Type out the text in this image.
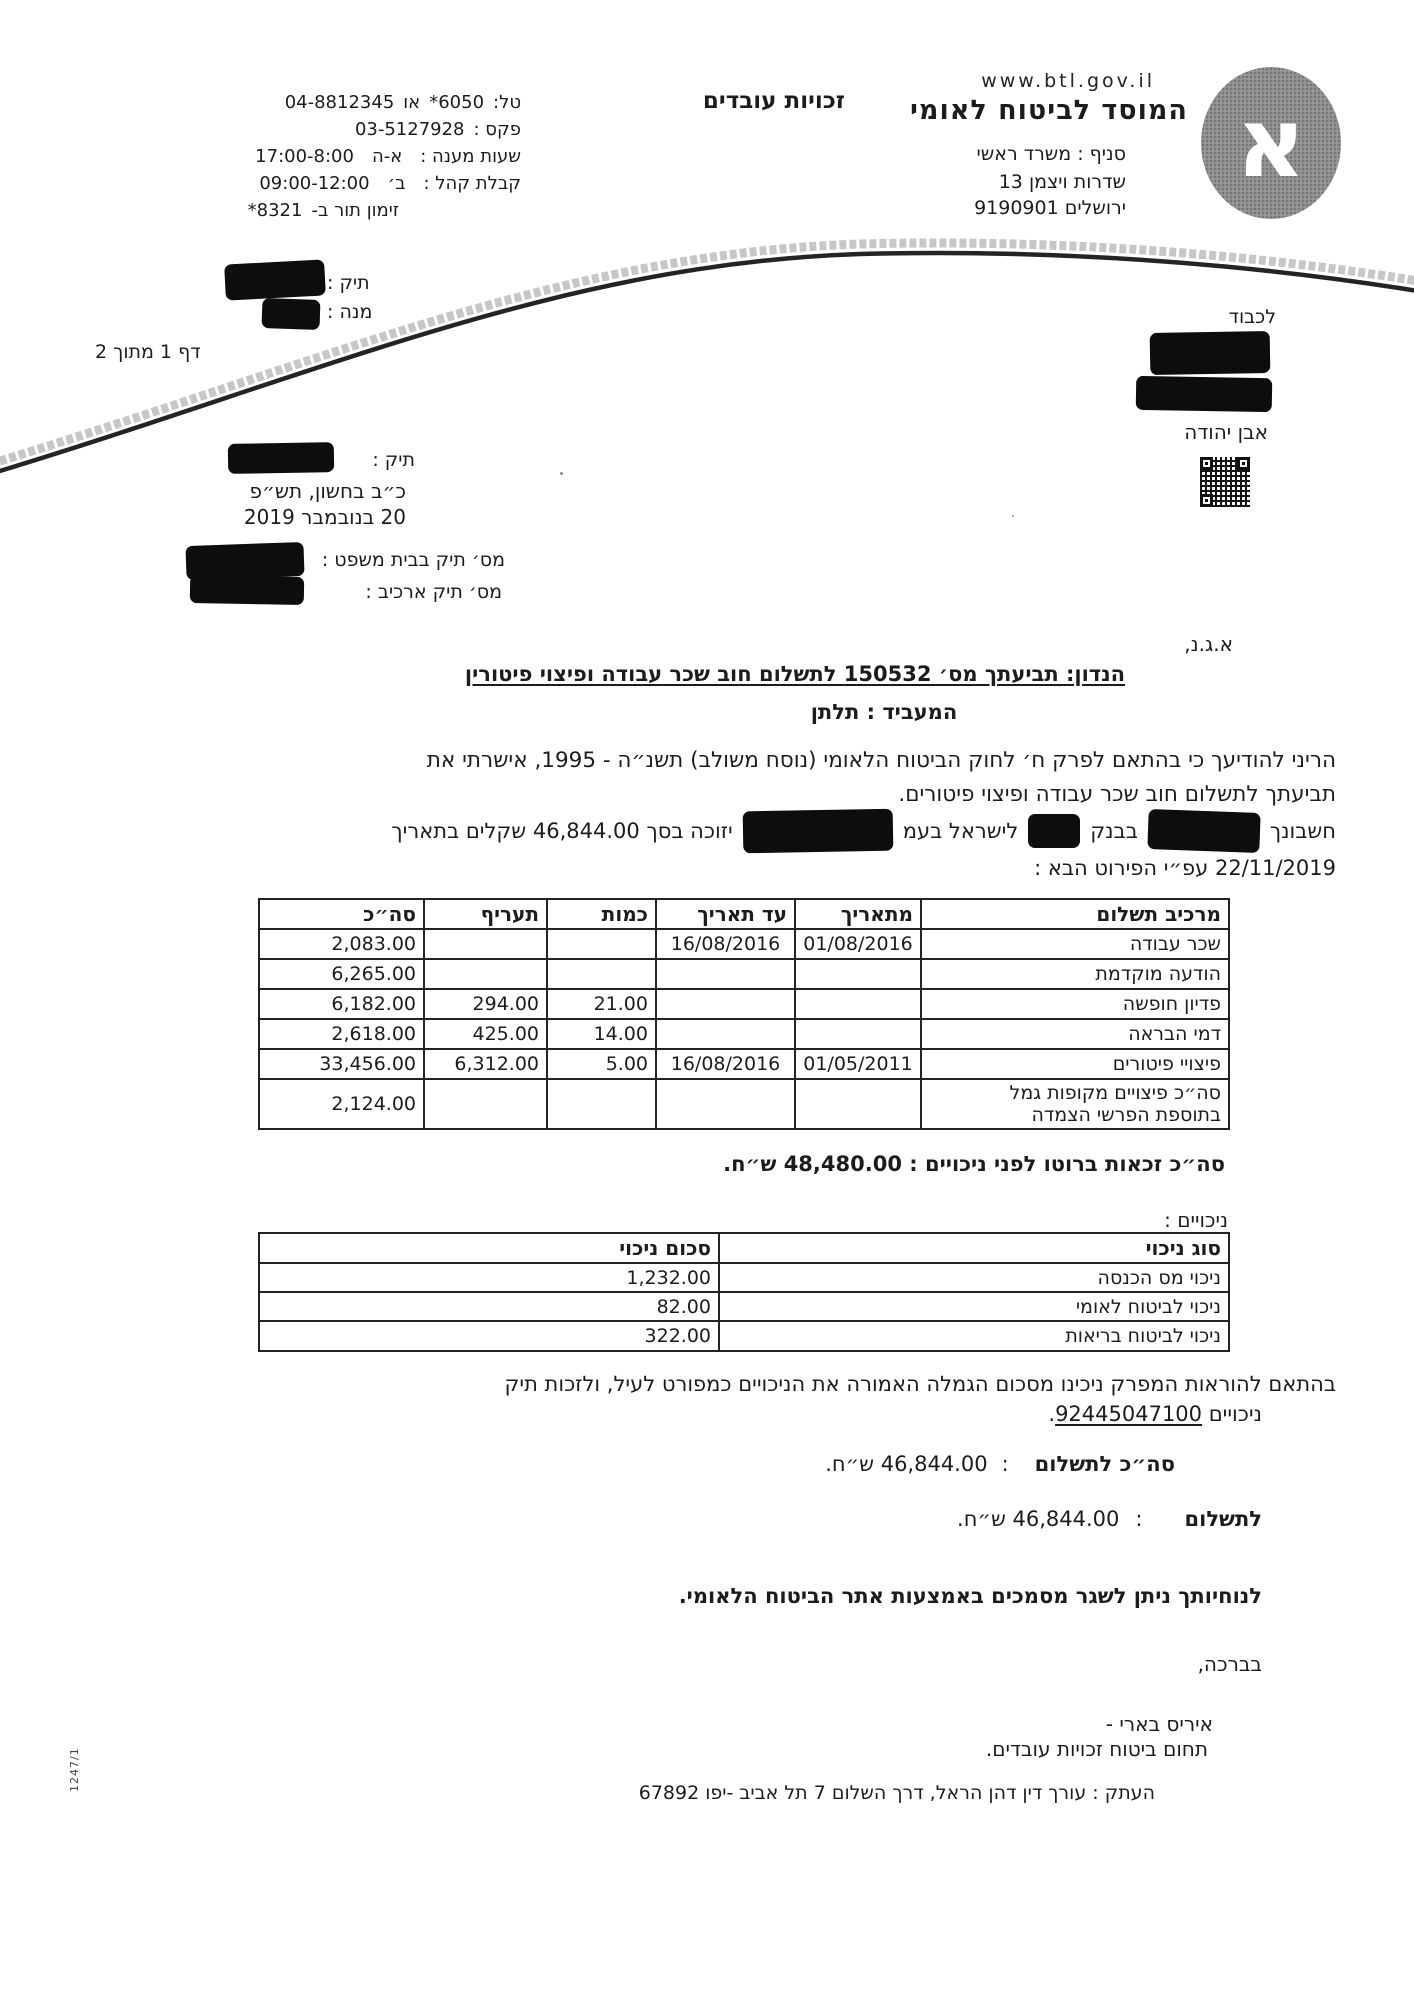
א
www.btl.gov.il
המוסד לביטוח לאומי
סניף : משרד ראשי
שדרות ויצמן 13
ירושלים 9190901
זכויות עובדים
טל:
*6050
או
04-8812345
פקס :
03-5127928
שעות מענה :
א-ה
17:00-8:00
קבלת קהל :
ב׳
09:00-12:00
זימון תור ב-
*8321
תיק :
מנה :
דף 1 מתוך 2
לכבוד
אבן יהודה
תיק :
כ״ב בחשון, תש״פ
20 בנובמבר 2019
מס׳ תיק בבית משפט :
מס׳ תיק ארכיב :
א.ג.נ,
הנדון: תביעתך מס׳ 150532 לתשלום חוב שכר עבודה ופיצוי פיטורין
המעביד : תלתן
הריני להודיעך כי בהתאם לפרק ח׳ לחוק הביטוח הלאומי (נוסח משולב) תשנ״ה - 1995, אישרתי את
תביעתך לתשלום חוב שכר עבודה ופיצוי פיטורים.
חשבונך
בבנק
לישראל בעמ
יזוכה בסך 46,844.00 שקלים בתאריך
22/11/2019 עפ״י הפירוט הבא :
מרכיב תשלום	מתאריך	עד תאריך	כמות	תעריף	סה״כ
שכר עבודה	01/08/2016	16/08/2016			2,083.00
הודעה מוקדמת					6,265.00
פדיון חופשה			21.00	294.00	6,182.00
דמי הבראה			14.00	425.00	2,618.00
פיצויי פיטורים	01/05/2011	16/08/2016	5.00	6,312.00	33,456.00

סה״כ פיצויים מקופות גמל
בתוספת הפרשי הצמדה					2,124.00
סה״כ זכאות ברוטו לפני ניכויים : 48,480.00 ש״ח.
ניכויים :
סוג ניכוי	סכום ניכוי
ניכוי מס הכנסה	1,232.00
ניכוי לביטוח לאומי	82.00
ניכוי לביטוח בריאות	322.00
בהתאם להוראות המפרק ניכינו מסכום הגמלה האמורה את הניכויים כמפורט לעיל, ולזכות תיק
ניכויים 92445047100.
סה״כ לתשלום
:
46,844.00 ש״ח.
לתשלום
:
46,844.00 ש״ח.
לנוחיותך ניתן לשגר מסמכים באמצעות אתר הביטוח הלאומי.
בברכה,
איריס בארי -
תחום ביטוח זכויות עובדים.
העתק : עורך דין דהן הראל, דרך השלום 7 תל אביב -יפו 67892
1247/1
